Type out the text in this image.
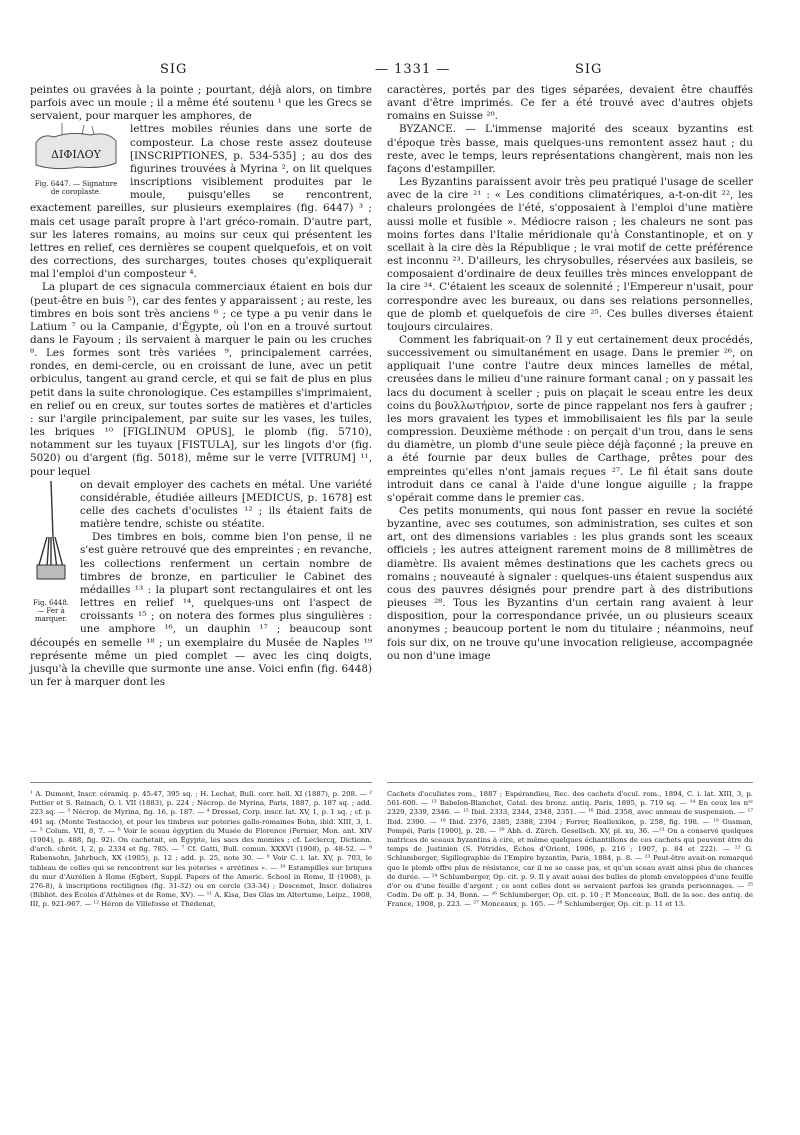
SIG	— 1331 —	SIG

peintes ou gravées à la pointe ; pourtant, déjà alors, on timbre parfois avec un moule ; il a même été soutenu ¹ que les Grecs se servaient, pour marquer les amphores, de

ΔΙΦΙΛΟΥ
Fig. 6447. — Signature de coroplaste.

lettres mobiles réunies dans une sorte de composteur. La chose reste assez douteuse [INSCRIPTIONES, p. 534-535] ; au dos des figurines trouvées à Myrina ², on lit quelques inscriptions visiblement produites par le moule, puisqu'elles se rencontrent, exactement pareilles, sur plusieurs exemplaires (fig. 6447) ³ ; mais cet usage paraît propre à l'art gréco-romain. D'autre part, sur les lateres romains, au moins sur ceux qui présentent les lettres en relief, ces dernières se coupent quelquefois, et on voit des corrections, des surcharges, toutes choses qu'expliquerait mal l'emploi d'un composteur ⁴.

La plupart de ces signacula commerciaux étaient en bois dur (peut-être en buis ⁵), car des fentes y apparaissent ; au reste, les timbres en bois sont très anciens ⁶ ; ce type a pu venir dans le Latium ⁷ ou la Campanie, d'Égypte, où l'on en a trouvé surtout dans le Fayoum ; ils servaient à marquer le pain ou les cruches ⁸. Les formes sont très variées ⁹, principalement carrées, rondes, en demi-cercle, ou en croissant de lune, avec un petit orbiculus, tangent au grand cercle, et qui se fait de plus en plus petit dans la suite chronologique. Ces estampilles s'imprimaient, en relief ou en creux, sur toutes sortes de matières et d'articles : sur l'argile principalement, par suite sur les vases, les tuiles, les briques ¹⁰ [FIGLINUM OPUS], le plomb (fig. 5710), notamment sur les tuyaux [FISTULA], sur les lingots d'or (fig. 5020) ou d'argent (fig. 5018), même sur le verre [VITRUM] ¹¹, pour lequel

Fig. 6448. — Fer à marquer.

on devait employer des cachets en métal. Une variété considérable, étudiée ailleurs [MEDICUS, p. 1678] est celle des cachets d'oculistes ¹² ; ils étaient faits de matière tendre, schiste ou stéatite.

Des timbres en bois, comme bien l'on pense, il ne s'est guère retrouvé que des empreintes ; en revanche, les collections renferment un certain nombre de timbres de bronze, en particulier le Cabinet des médailles ¹³ : la plupart sont rectangulaires et ont les lettres en relief ¹⁴, quelques-uns ont l'aspect de croissants ¹⁵ ; on notera des formes plus singulières : une amphore ¹⁶, un dauphin ¹⁷ ; beaucoup sont découpés en semelle ¹⁸ ; un exemplaire du Musée de Naples ¹⁹ représente même un pied complet — avec les cinq doigts, jusqu'à la cheville que surmonte une anse. Voici enfin (fig. 6448) un fer à marquer dont les

caractères, portés par des tiges séparées, devaient être chauffés avant d'être imprimés. Ce fer a été trouvé avec d'autres objets romains en Suisse ²⁰.

BYZANCE. — L'immense majorité des sceaux byzantins est d'époque très basse, mais quelques-uns remontent assez haut ; du reste, avec le temps, leurs représentations changèrent, mais non les façons d'estampiller.

Les Byzantins paraissent avoir très peu pratiqué l'usage de sceller avec de la cire ²¹ : « Les conditions climatériques, a-t-on-dit ²², les chaleurs prolongées de l'été, s'opposaient à l'emploi d'une matière aussi molle et fusible ». Médiocre raison ; les chaleurs ne sont pas moins fortes dans l'Italie méridionale qu'à Constantinople, et on y scellait à la cire dès la République ; le vrai motif de cette préférence est inconnu ²³. D'ailleurs, les chrysobulles, réservées aux basileis, se composaient d'ordinaire de deux feuilles très minces enveloppant de la cire ²⁴. C'étaient les sceaux de solennité ; l'Empereur n'usait, pour correspondre avec les bureaux, ou dans ses relations personnelles, que de plomb et quelquefois de cire ²⁵. Ces bulles diverses étaient toujours circulaires.

Comment les fabriquait-on ? Il y eut certainement deux procédés, successivement ou simultanément en usage. Dans le premier ²⁶, on appliquait l'une contre l'autre deux minces lamelles de métal, creusées dans le milieu d'une rainure formant canal ; on y passait les lacs du document à sceller ; puis on plaçait le sceau entre les deux coins du βουλλωτήριον, sorte de pince rappelant nos fers à gaufrer ; les mors gravaient les types et immobilisaient les fils par la seule compression. Deuxième méthode : on perçait d'un trou, dans le sens du diamètre, un plomb d'une seule pièce déjà façonné ; la preuve en a été fournie par deux bulles de Carthage, prêtes pour des empreintes qu'elles n'ont jamais reçues ²⁷. Le fil était sans doute introduit dans ce canal à l'aide d'une longue aiguille ; la frappe s'opérait comme dans le premier cas.

Ces petits monuments, qui nous font passer en revue la société byzantine, avec ses coutumes, son administration, ses cultes et son art, ont des dimensions variables : les plus grands sont les sceaux officiels ; les autres atteignent rarement moins de 8 millimètres de diamètre. Ils avaient mêmes destinations que les cachets grecs ou romains ; nouveauté à signaler : quelques-uns étaient suspendus aux cous des pauvres désignés pour prendre part à des distributions pieuses ²⁸. Tous les Byzantins d'un certain rang avaient à leur disposition, pour la correspondance privée, un ou plusieurs sceaux anonymes ; beaucoup portent le nom du titulaire ; néanmoins, neuf fois sur dix, on ne trouve qu'une invocation religieuse, accompagnée ou non d'une image

¹ A. Dumont, Inscr. céramiq. p. 45-47, 395 sq. ; H. Lechat, Bull. corr. hell. XI (1887), p. 208. — ² Pottier et S. Reinach, O. l. VII (1883), p. 224 ; Nécrop. de Myrina, Paris, 1887, p. 187 sq. ; add. 223 sq. — ³ Nécrop. de Myrina, fig. 16, p. 187. — ⁴ Dressel, Corp. inscr. lat. XV, 1, p. 1 sq. ; cf. p. 491 sq. (Monte Testaccio), et pour les timbres sur poteries gallo-romaines Bohn, ibid. XIII, 3, 1. — ⁵ Colum. VII, 8, 7. — ⁶ Voir le sceau égyptien du Musée de Florence (Pernier, Mon. ant. XIV (1904), p. 488, fig. 92). On cachetait, en Égypte, les sacs des momies ; cf. Leclercq, Dictionn. d'arch. chrét. I, 2, p. 2334 et fig. 785. — ⁷ Cf. Gatti, Bull. comun. XXXVI (1908), p. 48-52. — ⁸ Rubensohn, Jahrbuch, XX (1905), p. 12 ; add. p. 25, note 30. — ⁹ Voir C. i. lat. XV, p. 703, le tableau de celles qui se rencontrent sur les poteries « arrétines ». — ¹⁰ Estampilles sur briques du mur d'Aurélien à Rome (Egbert, Suppl. Papers of the Americ. School in Rome, II (1908), p. 276-8), à inscriptions rectilignes (fig. 31-32) ou en cercle (33-34) ; Descemet, Inscr. doliaires (Bibliot. des Écoles d'Athènes et de Rome, XV). — ¹¹ A. Kisa, Das Glas im Altertume, Leipz., 1908, III, p. 921-967. — ¹² Héron de Villefosse et Thédenat,
Cachets d'oculistes rom., 1887 ; Espérandieu, Rec. des cachets d'ocul. rom., 1894, C. i. lat. XIII, 3, p. 561-600. — ¹³ Babelon-Blanchet, Catal. des bronz. antiq. Paris, 1895, p. 719 sq. — ¹⁴ En ceux les nᵒˢ 2329, 2339, 2346. — ¹⁵ Ibid. 2333, 2344, 2348, 2351. — ¹⁶ Ibid. 2358, avec anneau de suspension. — ¹⁷ Ibid. 2390. — ¹⁸ Ibid. 2376, 2385, 2388, 2394 ; Forrer, Reallexikon, p. 258, fig. 198. — ¹⁹ Gusman, Pompéi, Paris [1900], p. 28. — ²⁰ Abh. d. Zürch. Gesellsch. XV, pl. xu, 36. —²¹ On a conservé quelques matrices de sceaux byzantins à cire, et même quelques échantillons de ces cachets qui peuvent être du temps de Justinien (S. Pétridès, Échos d'Orient, 1906, p. 216 ; 1907, p. 84 et 222). — ²² G. Schlumberger, Sigillographie de l'Empire byzantin, Paris, 1884, p. 8. — ²³ Peut-être avait-on remarqué que le plomb offre plus de résistance, car il ne se casse pas, et qu'un sceau avait ainsi plus de chances de durée. — ²⁴ Schlumberger, Op. cit. p. 9. Il y avait aussi des bulles de plomb enveloppées d'une feuille d'or ou d'une feuille d'argent ; ce sont celles dont se servaient parfois les grands personnages. — ²⁵ Codin. De off. p. 34, Bonn. — ²⁶ Schlumberger, Op. cit. p. 10 ; P. Monceaux, Bull. de la soc. des antiq. de France, 1908, p. 223. — ²⁷ Monceaux, p. 165. — ²⁸ Schlumberger, Op. cit. p. 11 et 13.
